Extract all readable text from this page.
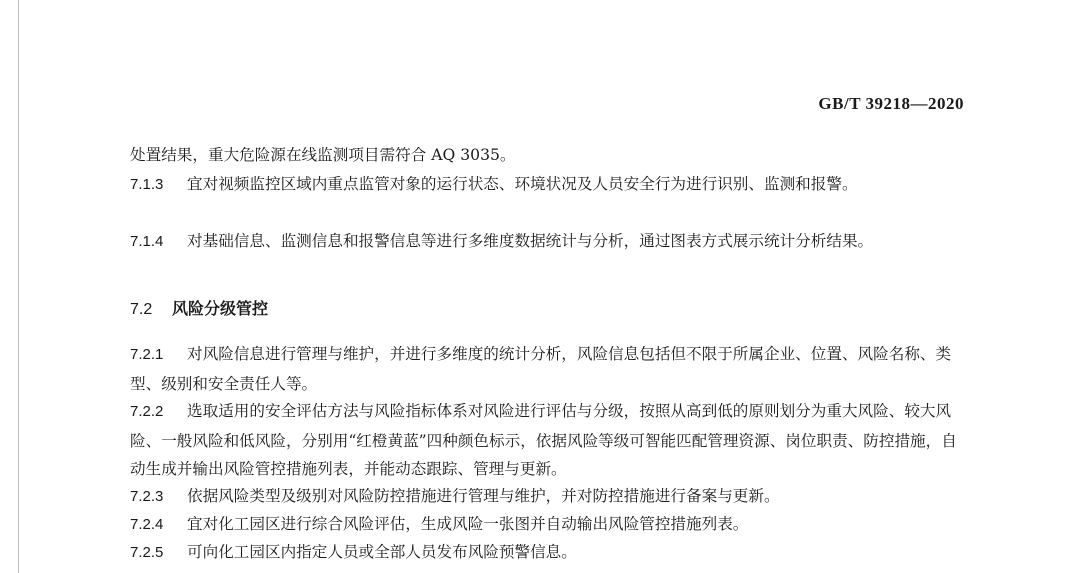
GB/T 39218—2020

处置结果，重大危险源在线监测项目需符合 AQ 3035。

7.1.3 宜对视频监控区域内重点监管对象的运行状态、环境状况及人员安全行为进行识别、监测和报警。

7.1.4 对基础信息、监测信息和报警信息等进行多维度数据统计与分析，通过图表方式展示统计分析结果。

7.2 风险分级管控

7.2.1 对风险信息进行管理与维护，并进行多维度的统计分析，风险信息包括但不限于所属企业、位置、风险名称、类型、级别和安全责任人等。

7.2.2 选取适用的安全评估方法与风险指标体系对风险进行评估与分级，按照从高到低的原则划分为重大风险、较大风险、一般风险和低风险，分别用“红橙黄蓝”四种颜色标示，依据风险等级可智能匹配管理资源、岗位职责、防控措施，自动生成并输出风险管控措施列表，并能动态跟踪、管理与更新。

7.2.3 依据风险类型及级别对风险防控措施进行管理与维护，并对防控措施进行备案与更新。

7.2.4 宜对化工园区进行综合风险评估，生成风险一张图并自动输出风险管控措施列表。

7.2.5 可向化工园区内指定人员或全部人员发布风险预警信息。
